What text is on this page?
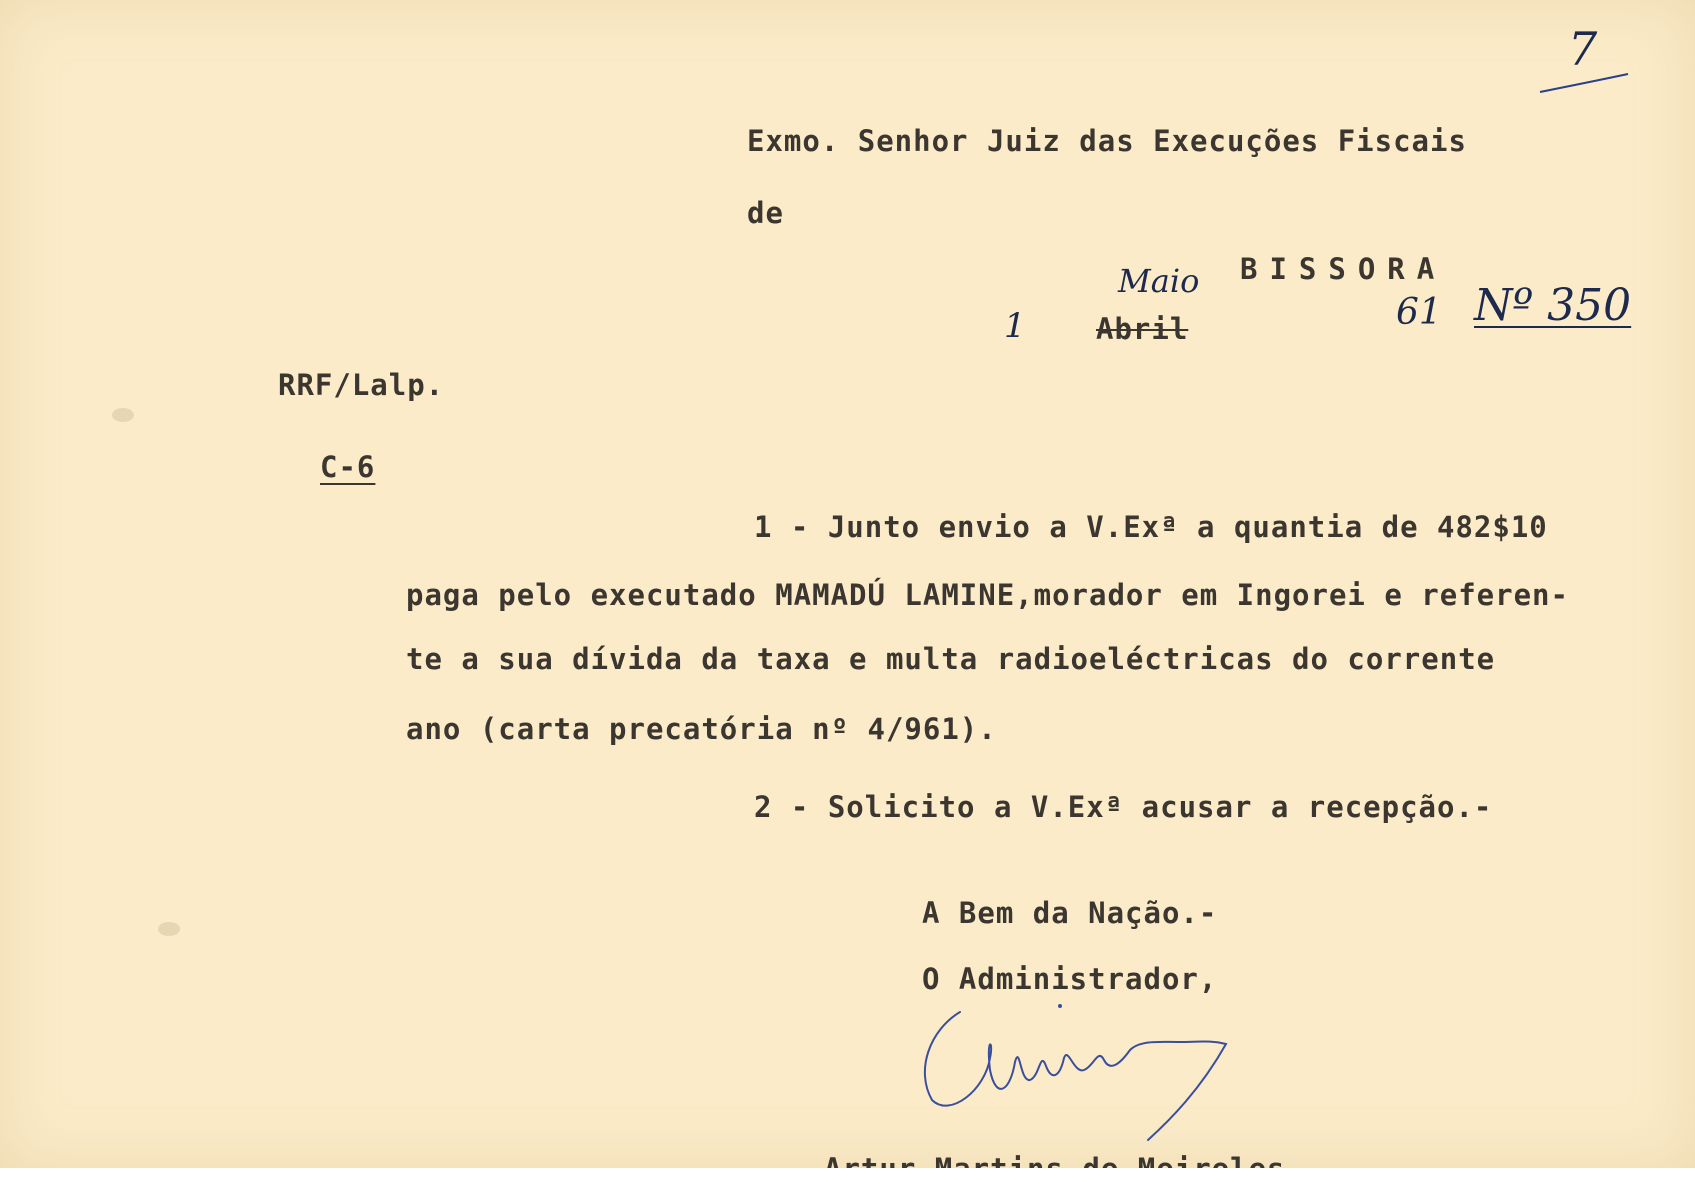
7
Exmo. Senhor Juiz das Execuções Fiscais
de
BISSORA
Maio
1 Abril	61 Nº 350
RRF/Lalp.
C-6
1 - Junto envio a V.Exª a quantia de 482$10
paga pelo executado MAMADÚ LAMINE,morador em Ingorei e referen-
te a sua dívida da taxa e multa radioeléctricas do corrente
ano (carta precatória nº 4/961).
2 - Solicito a V.Exª acusar a recepção.-
A Bem da Nação.-
O Administrador,
